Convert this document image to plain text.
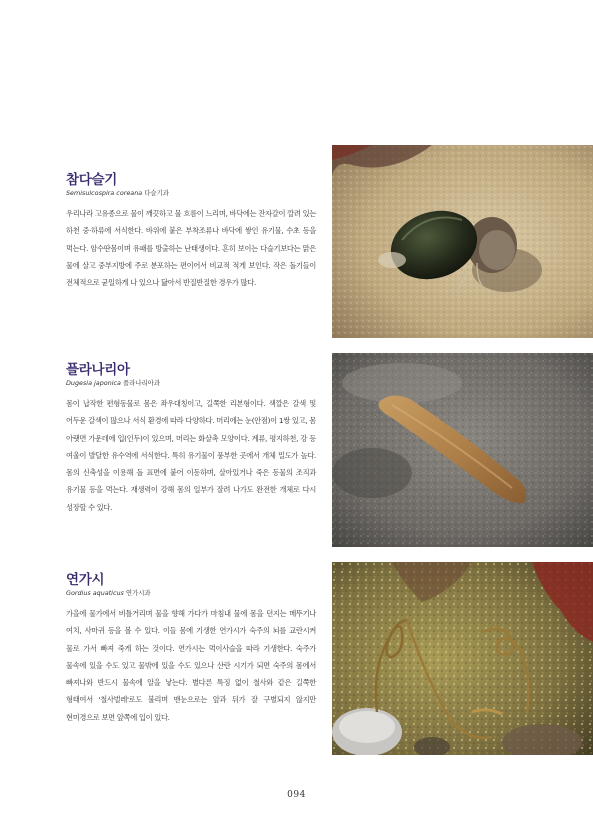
참다슬기
Semisulcospira coreana 다슬기과

우리나라 고유종으로 물이 깨끗하고 물 흐름이 느리며, 바닥에는 잔자갈이 깔려 있는 하천 중·하류에 서식한다. 바위에 붙은 부착조류나 바닥에 쌓인 유기물, 수초 등을 먹는다. 암수딴몸이며 유패를 방출하는 난태생이다. 흔히 보이는 다슬기보다는 맑은 물에 살고 중부지방에 주로 분포하는 편이어서 비교적 적게 보인다. 작은 돌기들이 전체적으로 균일하게 나 있으나 닳아서 반질반질한 경우가 많다.

플라나리아
Dugesia japonica 플라나리아과

몸이 납작한 편형동물로 몸은 좌우대칭이고, 길쭉한 리본형이다. 색깔은 갈색 및 어두운 갈색이 많으나 서식 환경에 따라 다양하다. 머리에는 눈(안점)이 1쌍 있고, 몸 아랫면 가운데에 입(인두)이 있으며, 머리는 화살촉 모양이다. 계류, 평지하천, 강 등 여울이 발달한 유수역에 서식한다. 특히 유기물이 풍부한 곳에서 개체 밀도가 높다. 몸의 신축성을 이용해 돌 표면에 붙어 이동하며, 살아있거나 죽은 동물의 조직과 유기물 등을 먹는다. 재생력이 강해 몸의 일부가 잘려 나가도 완전한 개체로 다시 성장할 수 있다.

연가시
Gordius aquaticus 연가시과

가을에 물가에서 비틀거리며 물을 향해 가다가 마침내 물에 몸을 던지는 메뚜기나 여치, 사마귀 등을 볼 수 있다. 이들 몸에 기생한 연가시가 숙주의 뇌를 교란시켜 물로 가서 빠져 죽게 하는 것이다. 연가시는 먹이사슬을 따라 기생한다. 숙주가 물속에 있을 수도 있고 물밖에 있을 수도 있으나 산란 시기가 되면 숙주의 몸에서 빠져나와 반드시 물속에 알을 낳는다. 별다른 특징 없이 철사와 같은 길쭉한 형태여서 '철사벌레'로도 불리며 맨눈으로는 앞과 뒤가 잘 구별되지 않지만 현미경으로 보면 앞쪽에 입이 있다.

094
